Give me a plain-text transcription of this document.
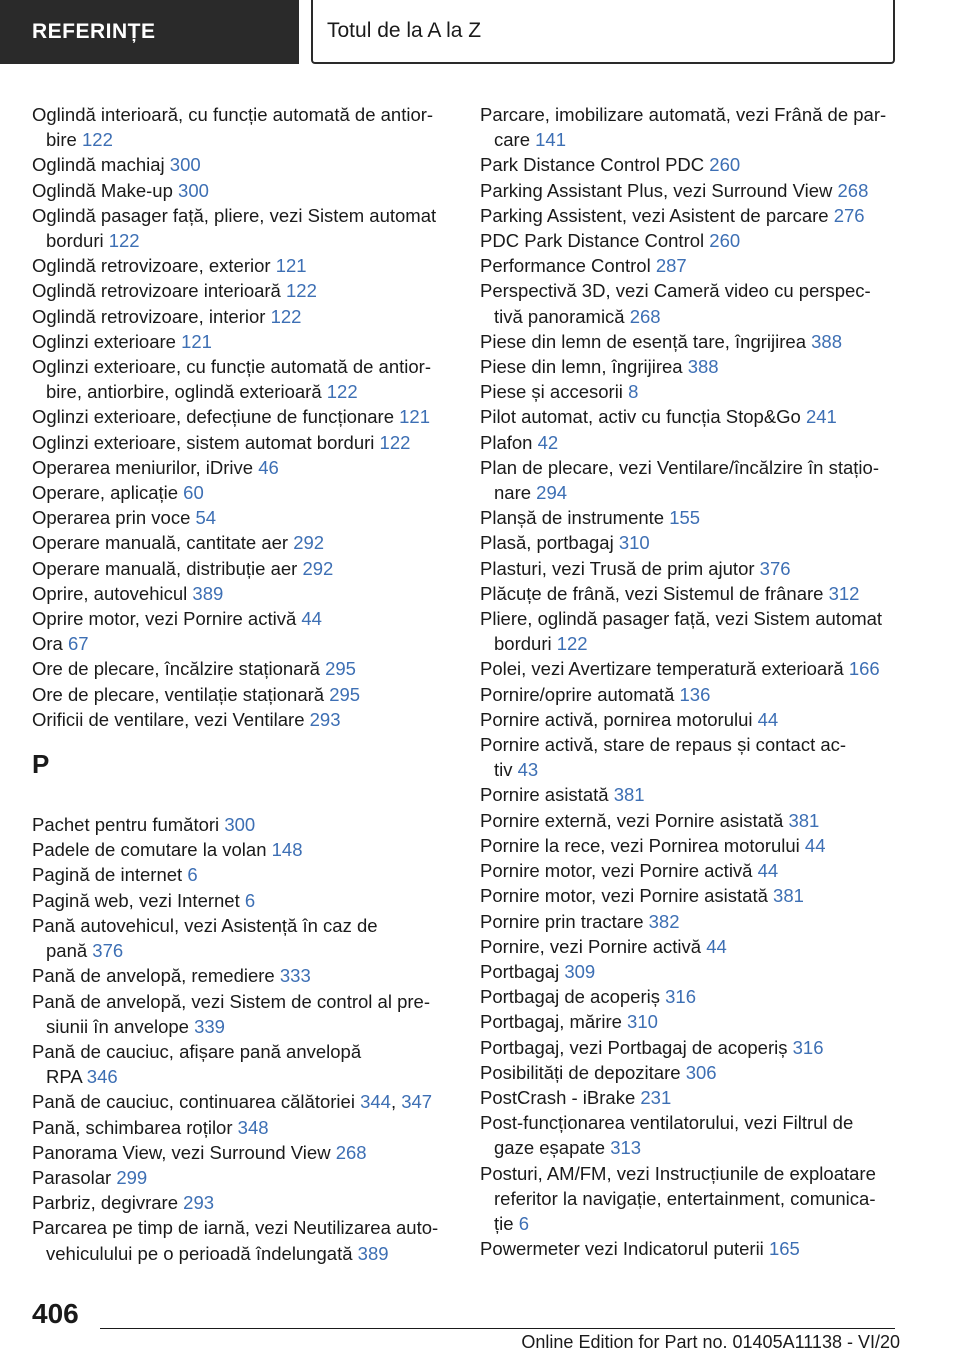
REFERINȚE	Totul de la A la Z
Oglindă interioară, cu funcție automată de antior-
bire 122
Oglindă machiaj 300
Oglindă Make-up 300
Oglindă pasager față, pliere, vezi Sistem automat
borduri 122
Oglindă retrovizoare, exterior 121
Oglindă retrovizoare interioară 122
Oglindă retrovizoare, interior 122
Oglinzi exterioare 121
Oglinzi exterioare, cu funcție automată de antior-
bire, antiorbire, oglindă exterioară 122
Oglinzi exterioare, defecțiune de funcționare 121
Oglinzi exterioare, sistem automat borduri 122
Operarea meniurilor, iDrive 46
Operare, aplicație 60
Operarea prin voce 54
Operare manuală, cantitate aer 292
Operare manuală, distribuție aer 292
Oprire, autovehicul 389
Oprire motor, vezi Pornire activă 44
Ora 67
Ore de plecare, încălzire staționară 295
Ore de plecare, ventilație staționară 295
Orificii de ventilare, vezi Ventilare 293
P
Pachet pentru fumători 300
Padele de comutare la volan 148
Pagină de internet 6
Pagină web, vezi Internet 6
Pană autovehicul, vezi Asistență în caz de
pană 376
Pană de anvelopă, remediere 333
Pană de anvelopă, vezi Sistem de control al pre-
siunii în anvelope 339
Pană de cauciuc, afișare pană anvelopă
RPA 346
Pană de cauciuc, continuarea călătoriei 344, 347
Pană, schimbarea roților 348
Panorama View, vezi Surround View 268
Parasolar 299
Parbriz, degivrare 293
Parcarea pe timp de iarnă, vezi Neutilizarea auto-
vehiculului pe o perioadă îndelungată 389
Parcare, imobilizare automată, vezi Frână de par-
care 141
Park Distance Control PDC 260
Parking Assistant Plus, vezi Surround View 268
Parking Assistent, vezi Asistent de parcare 276
PDC Park Distance Control 260
Performance Control 287
Perspectivă 3D, vezi Cameră video cu perspec-
tivă panoramică 268
Piese din lemn de esență tare, îngrijirea 388
Piese din lemn, îngrijirea 388
Piese și accesorii 8
Pilot automat, activ cu funcția Stop&Go 241
Plafon 42
Plan de plecare, vezi Ventilare/încălzire în stațio-
nare 294
Planșă de instrumente 155
Plasă, portbagaj 310
Plasturi, vezi Trusă de prim ajutor 376
Plăcuțe de frână, vezi Sistemul de frânare 312
Pliere, oglindă pasager față, vezi Sistem automat
borduri 122
Polei, vezi Avertizare temperatură exterioară 166
Pornire/oprire automată 136
Pornire activă, pornirea motorului 44
Pornire activă, stare de repaus și contact ac-
tiv 43
Pornire asistată 381
Pornire externă, vezi Pornire asistată 381
Pornire la rece, vezi Pornirea motorului 44
Pornire motor, vezi Pornire activă 44
Pornire motor, vezi Pornire asistată 381
Pornire prin tractare 382
Pornire, vezi Pornire activă 44
Portbagaj 309
Portbagaj de acoperiș 316
Portbagaj, mărire 310
Portbagaj, vezi Portbagaj de acoperiș 316
Posibilități de depozitare 306
PostCrash - iBrake 231
Post-funcționarea ventilatorului, vezi Filtrul de
gaze eșapate 313
Posturi, AM/FM, vezi Instrucțiunile de exploatare
referitor la navigație, entertainment, comunica-
ție 6
Powermeter vezi Indicatorul puterii 165
406
Online Edition for Part no. 01405A11138 - VI/20
